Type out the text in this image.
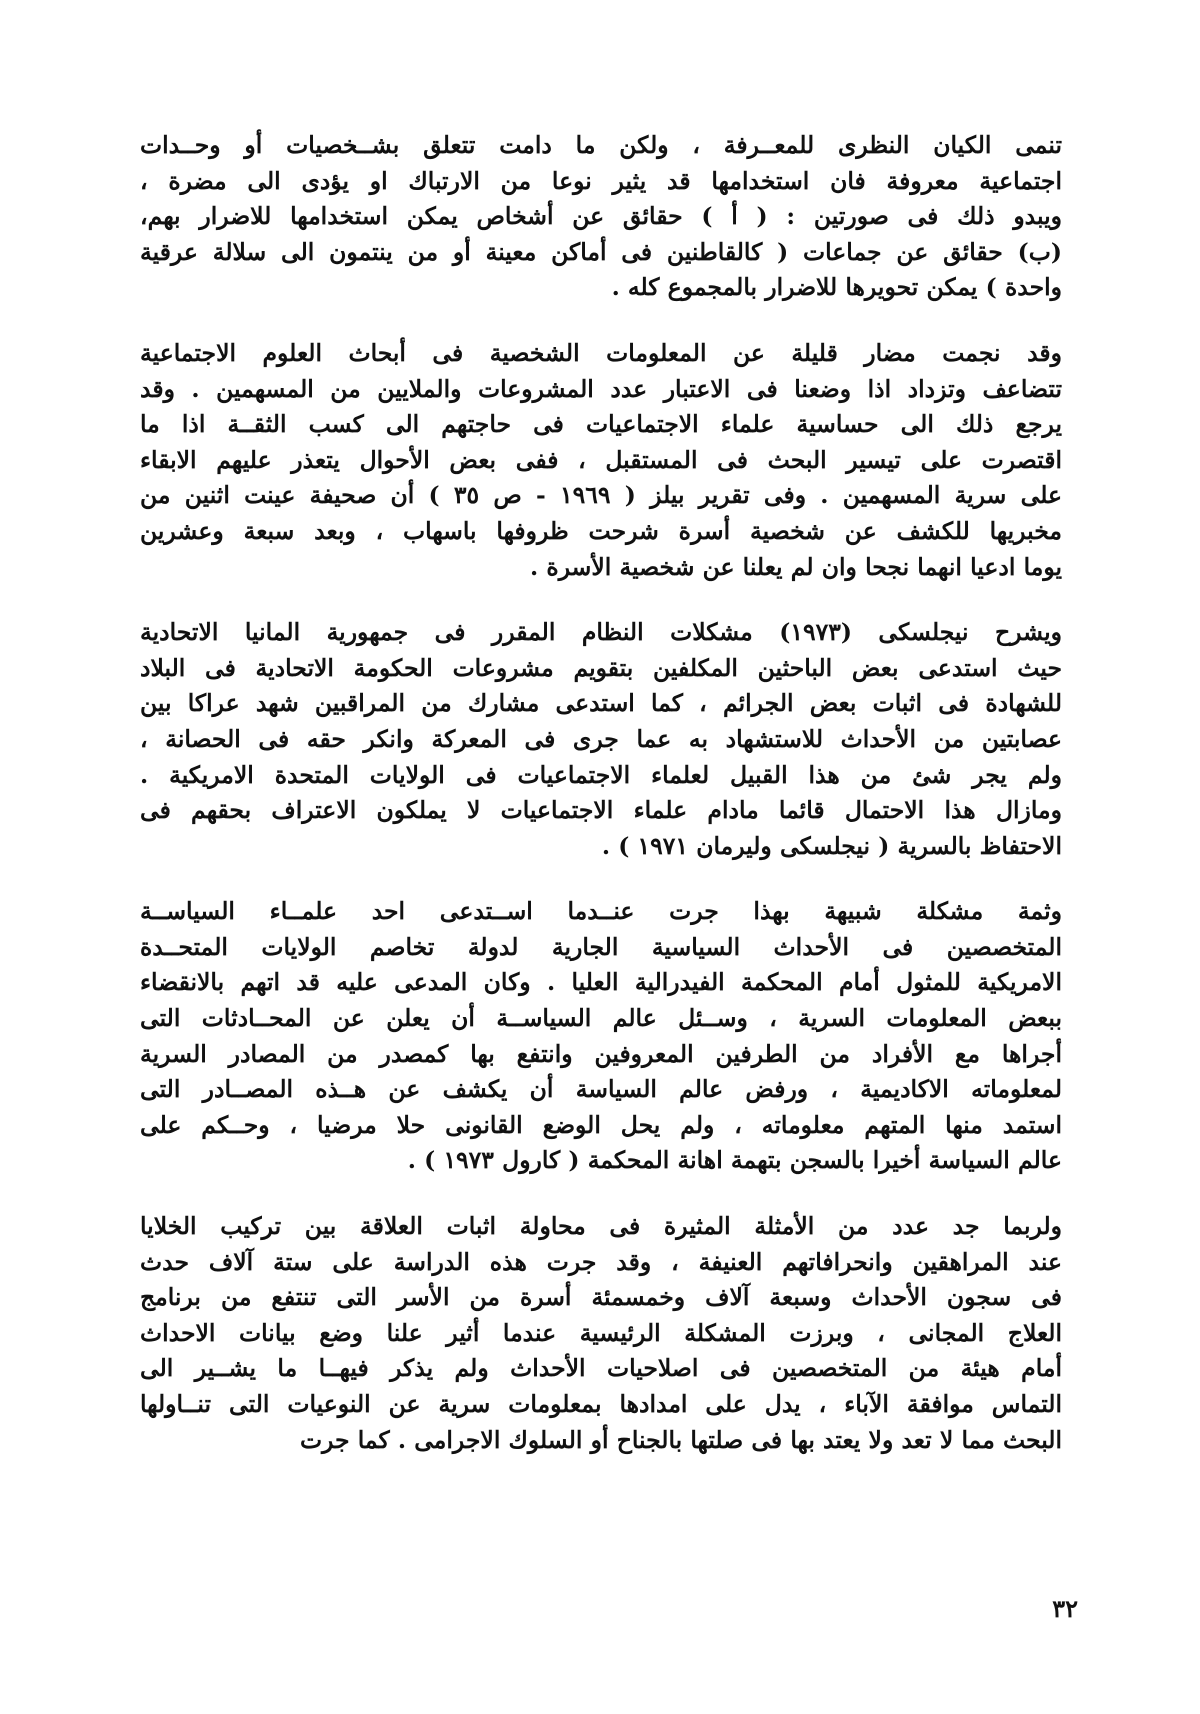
تنمى الكيان النظرى للمعــرفة ، ولكن ما دامت تتعلق بشــخصيات أو وحــدات
اجتماعية معروفة فان استخدامها قد يثير نوعا من الارتباك او يؤدى الى مضرة ،
ويبدو ذلك فى صورتين : ( أ ) حقائق عن أشخاص يمكن استخدامها للاضرار بهم،
(ب) حقائق عن جماعات ( كالقاطنين فى أماكن معينة أو من ينتمون الى سلالة عرقية
واحدة ) يمكن تحويرها للاضرار بالمجموع كله .
وقد نجمت مضار قليلة عن المعلومات الشخصية فى أبحاث العلوم الاجتماعية
تتضاعف وتزداد اذا وضعنا فى الاعتبار عدد المشروعات والملايين من المسهمين . وقد
يرجع ذلك الى حساسية علماء الاجتماعيات فى حاجتهم الى كسب الثقــة اذا ما
اقتصرت على تيسير البحث فى المستقبل ، ففى بعض الأحوال يتعذر عليهم الابقاء
على سرية المسهمين . وفى تقرير بيلز ( ١٩٦٩ - ص ٣٥ ) أن صحيفة عينت اثنين من
مخبريها للكشف عن شخصية أسرة شرحت ظروفها باسهاب ، وبعد سبعة وعشرين
يوما ادعيا انهما نجحا وان لم يعلنا عن شخصية الأسرة .
ويشرح نيجلسكى (١٩٧٣) مشكلات النظام المقرر فى جمهورية المانيا الاتحادية
حيث استدعى بعض الباحثين المكلفين بتقويم مشروعات الحكومة الاتحادية فى البلاد
للشهادة فى اثبات بعض الجرائم ، كما استدعى مشارك من المراقبين شهد عراكا بين
عصابتين من الأحداث للاستشهاد به عما جرى فى المعركة وانكر حقه فى الحصانة ،
ولم يجر شئ من هذا القبيل لعلماء الاجتماعيات فى الولايات المتحدة الامريكية .
ومازال هذا الاحتمال قائما مادام علماء الاجتماعيات لا يملكون الاعتراف بحقهم فى
الاحتفاظ بالسرية ( نيجلسكى وليرمان ١٩٧١ ) .
وثمة مشكلة شبيهة بهذا جرت عنــدما اســتدعى احد علمــاء السياســة
المتخصصين فى الأحداث السياسية الجارية لدولة تخاصم الولايات المتحــدة
الامريكية للمثول أمام المحكمة الفيدرالية العليا . وكان المدعى عليه قد اتهم بالانقضاء
ببعض المعلومات السرية ، وســئل عالم السياســة أن يعلن عن المحــادثات التى
أجراها مع الأفراد من الطرفين المعروفين وانتفع بها كمصدر من المصادر السرية
لمعلوماته الاكاديمية ، ورفض عالم السياسة أن يكشف عن هــذه المصــادر التى
استمد منها المتهم معلوماته ، ولم يحل الوضع القانونى حلا مرضيا ، وحــكم على
عالم السياسة أخيرا بالسجن بتهمة اهانة المحكمة ( كارول ١٩٧٣ ) .
ولربما جد عدد من الأمثلة المثيرة فى محاولة اثبات العلاقة بين تركيب الخلايا
عند المراهقين وانحرافاتهم العنيفة ، وقد جرت هذه الدراسة على ستة آلاف حدث
فى سجون الأحداث وسبعة آلاف وخمسمئة أسرة من الأسر التى تنتفع من برنامج
العلاج المجانى ، وبرزت المشكلة الرئيسية عندما أثير علنا وضع بيانات الاحداث
أمام هيئة من المتخصصين فى اصلاحيات الأحداث ولم يذكر فيهــا ما يشــير الى
التماس موافقة الآباء ، يدل على امدادها بمعلومات سرية عن النوعيات التى تنــاولها
البحث مما لا تعد ولا يعتد بها فى صلتها بالجناح أو السلوك الاجرامى . كما جرت
٣٢
